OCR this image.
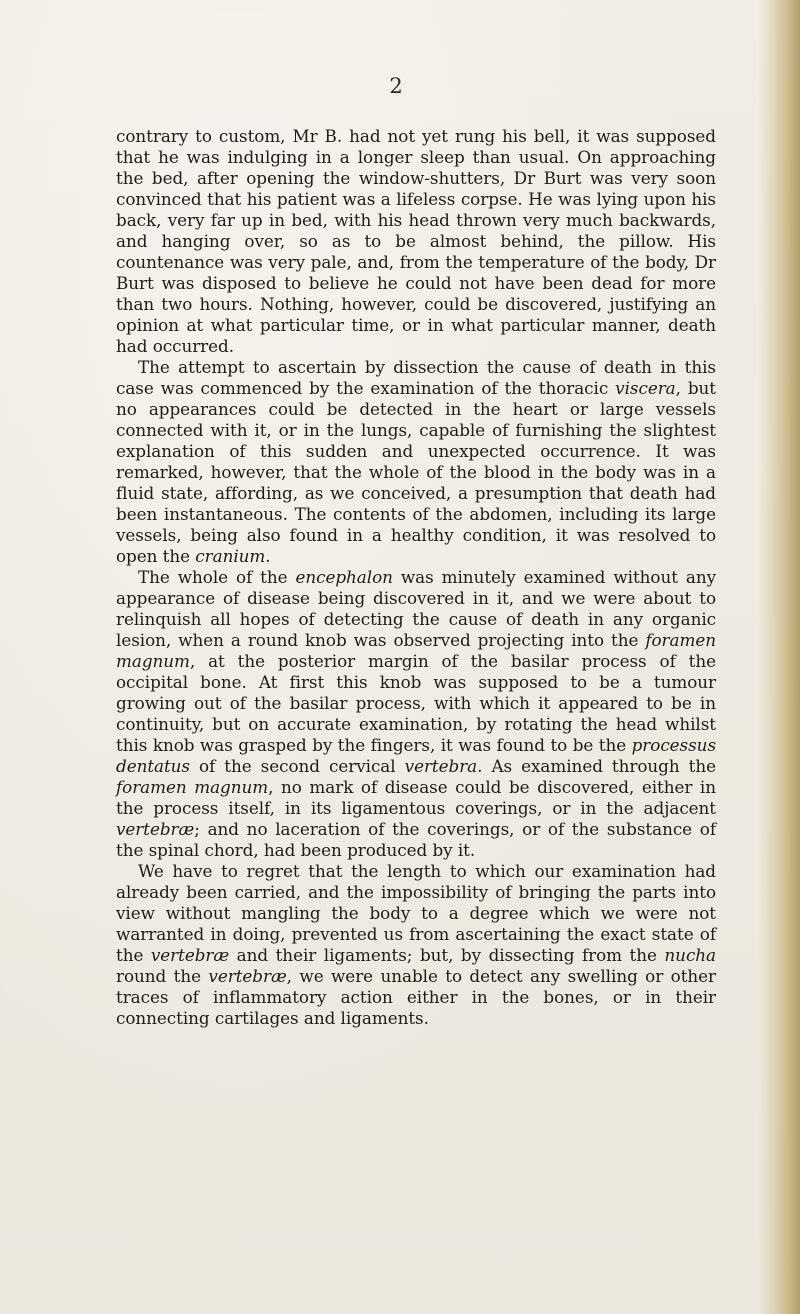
2

contrary to custom, Mr B. had not yet rung his bell, it was supposed that he was indulging in a longer sleep than usual. On approaching the bed, after opening the window-shutters, Dr Burt was very soon convinced that his patient was a lifeless corpse. He was lying upon his back, very far up in bed, with his head thrown very much backwards, and hanging over, so as to be almost behind, the pillow. His countenance was very pale, and, from the temperature of the body, Dr Burt was disposed to believe he could not have been dead for more than two hours. Nothing, however, could be discovered, justifying an opinion at what particular time, or in what particular manner, death had occurred.

The attempt to ascertain by dissection the cause of death in this case was commenced by the examination of the thoracic viscera, but no appearances could be detected in the heart or large vessels connected with it, or in the lungs, capable of furnishing the slightest explanation of this sudden and unexpected occurrence. It was remarked, however, that the whole of the blood in the body was in a fluid state, affording, as we conceived, a presumption that death had been instantaneous. The contents of the abdomen, including its large vessels, being also found in a healthy condition, it was resolved to open the cranium.

The whole of the encephalon was minutely examined without any appearance of disease being discovered in it, and we were about to relinquish all hopes of detecting the cause of death in any organic lesion, when a round knob was observed projecting into the foramen magnum, at the posterior margin of the basilar process of the occipital bone. At first this knob was supposed to be a tumour growing out of the basilar process, with which it appeared to be in continuity, but on accurate examination, by rotating the head whilst this knob was grasped by the fingers, it was found to be the processus dentatus of the second cervical vertebra. As examined through the foramen magnum, no mark of disease could be discovered, either in the process itself, in its ligamentous coverings, or in the adjacent vertebræ; and no laceration of the coverings, or of the substance of the spinal chord, had been produced by it.

We have to regret that the length to which our examination had already been carried, and the impossibility of bringing the parts into view without mangling the body to a degree which we were not warranted in doing, prevented us from ascertaining the exact state of the vertebræ and their ligaments; but, by dissecting from the nucha round the vertebræ, we were unable to detect any swelling or other traces of inflammatory action either in the bones, or in their connecting cartilages and ligaments.
